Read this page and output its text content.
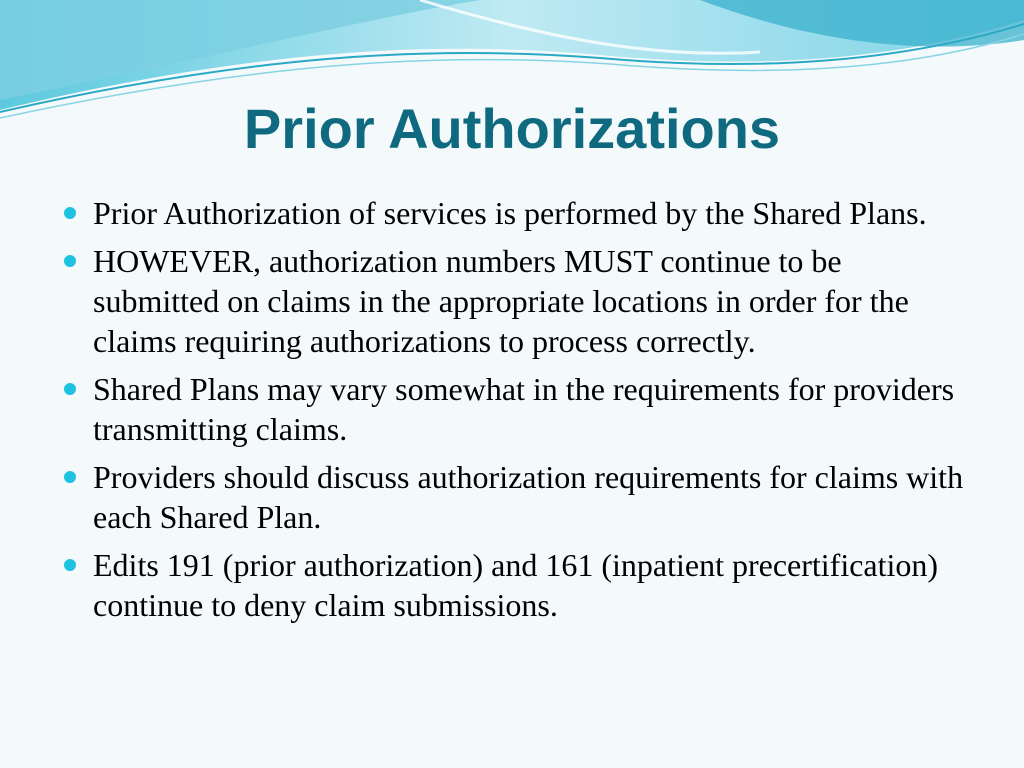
Prior Authorizations
Prior Authorization of services is performed by the Shared Plans.
HOWEVER, authorization numbers MUST continue to be submitted on claims in the appropriate locations in order for the claims requiring authorizations to process correctly.
Shared Plans may vary somewhat in the requirements for providers transmitting claims.
Providers should discuss authorization requirements for claims with each Shared Plan.
Edits 191 (prior authorization) and 161 (inpatient precertification) continue to deny claim submissions.
